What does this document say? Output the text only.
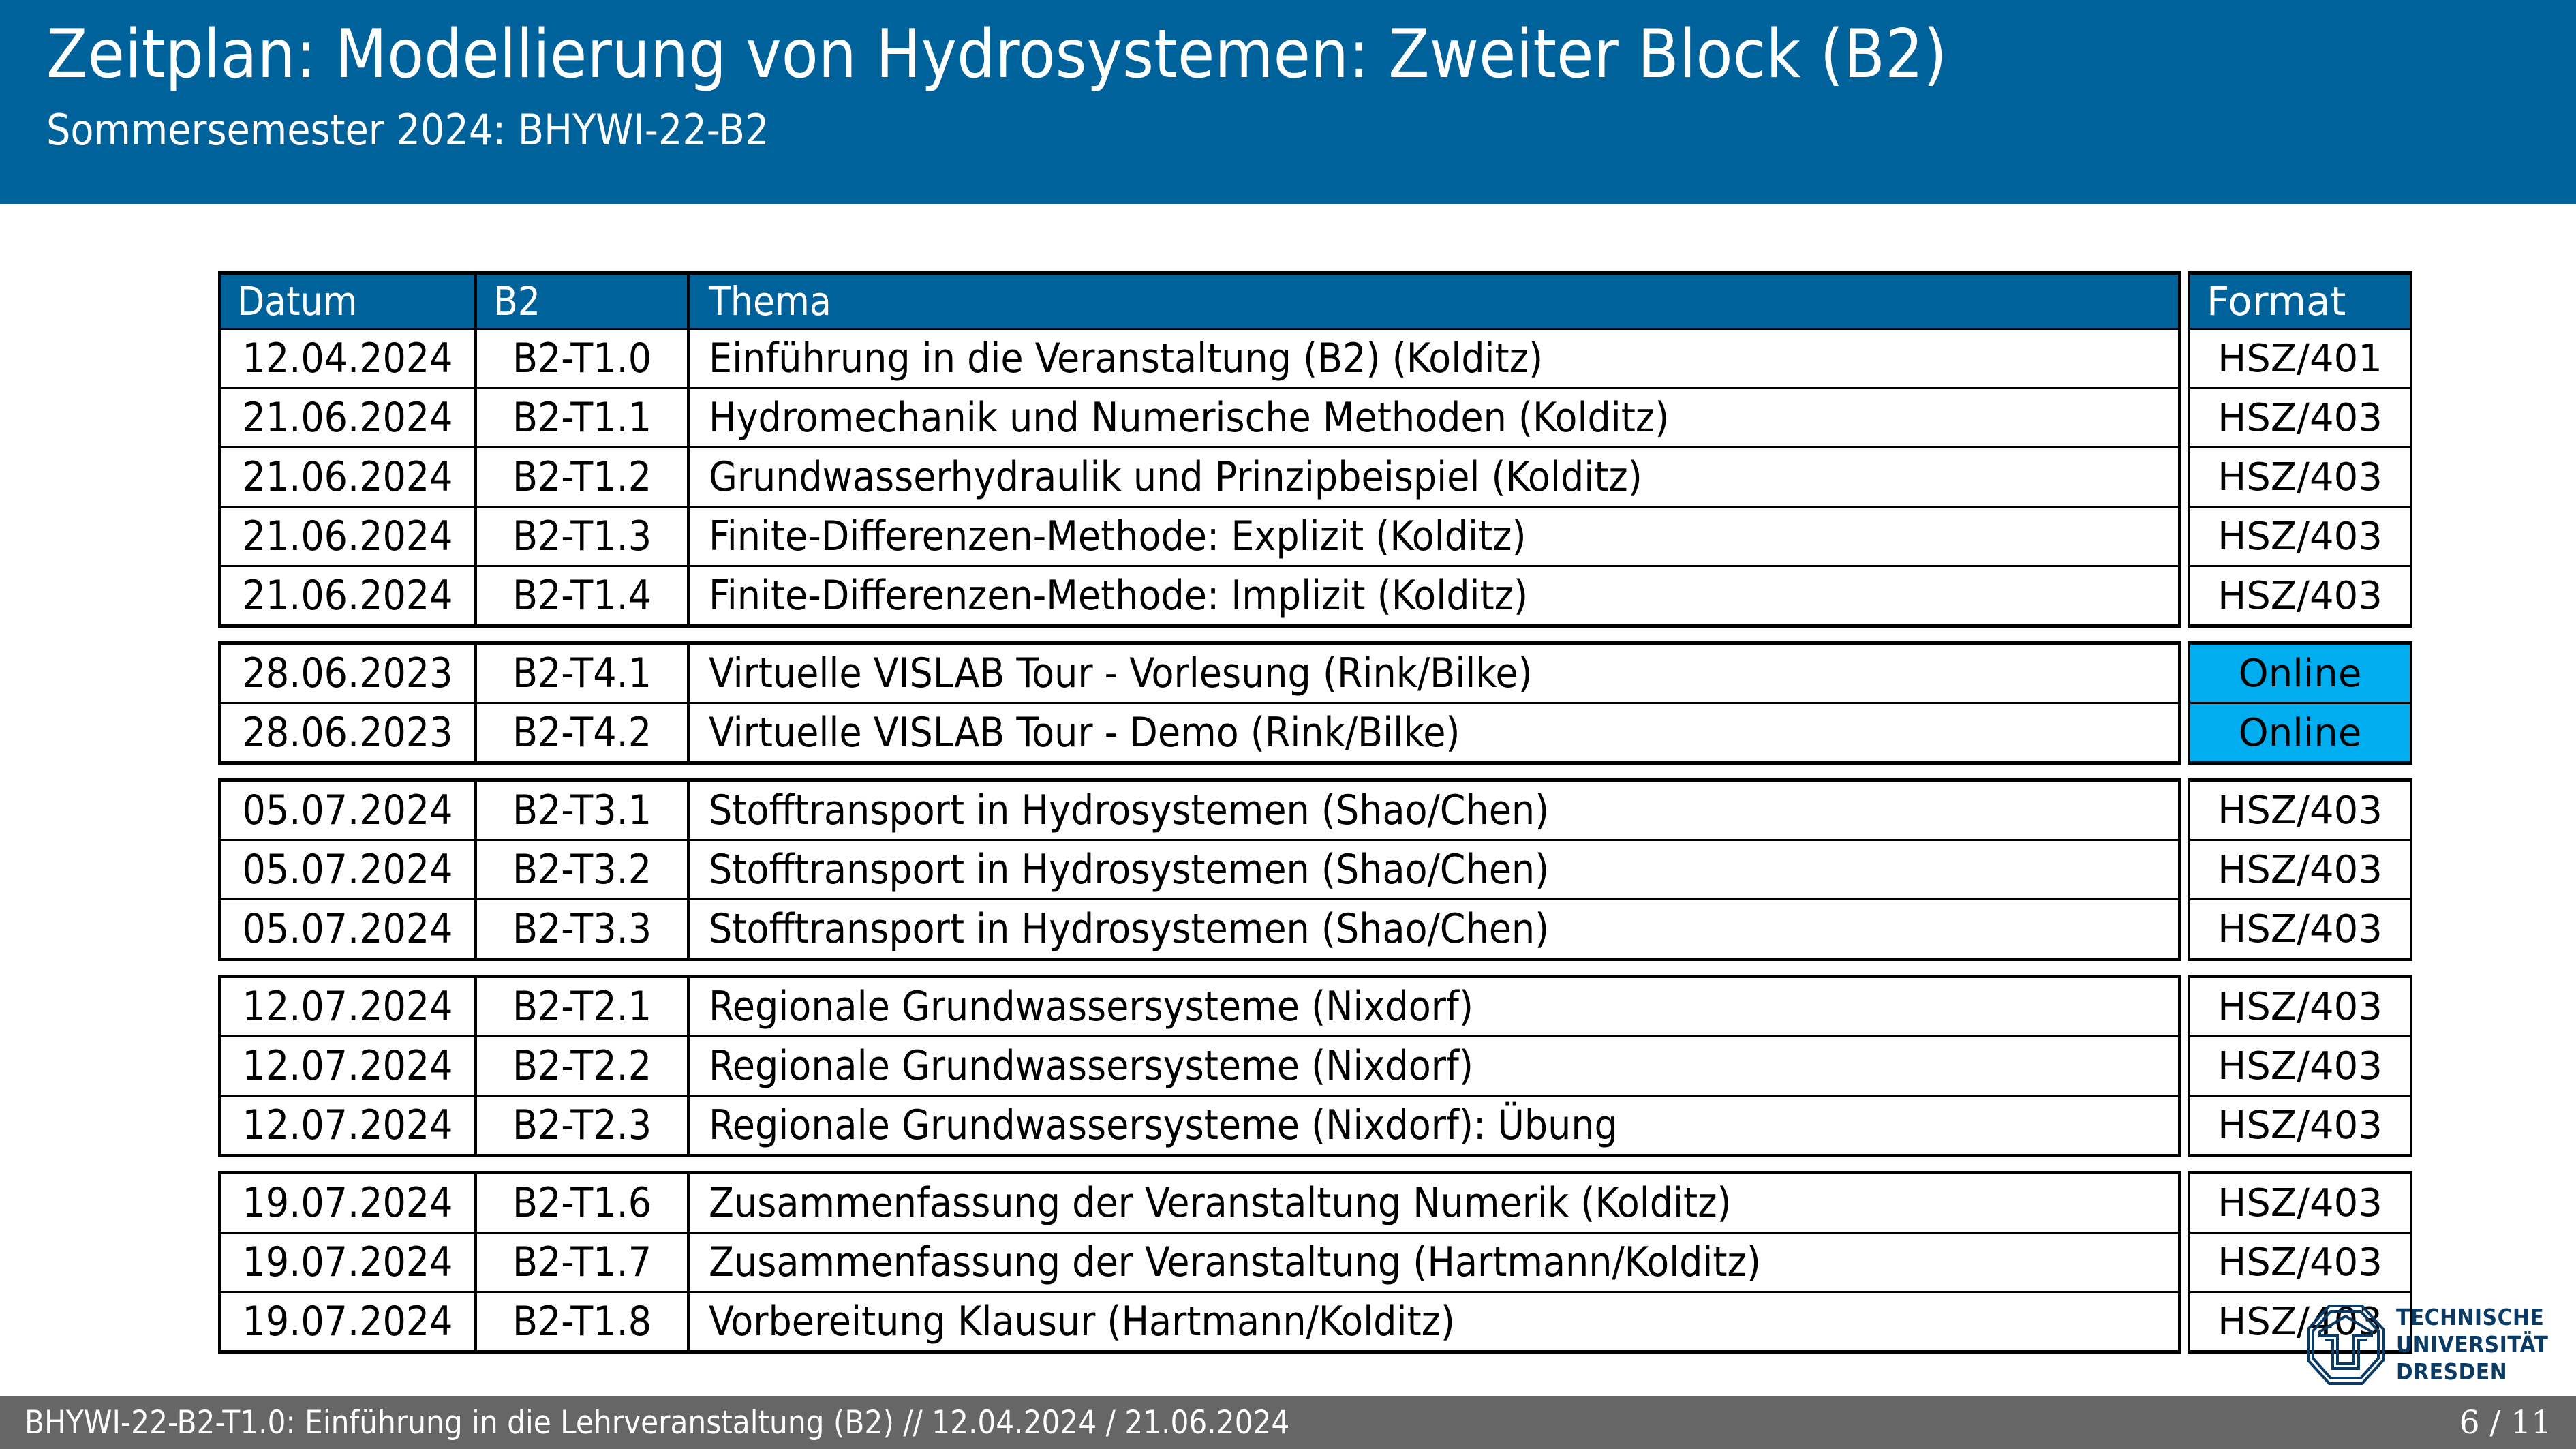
Zeitplan: Modellierung von Hydrosystemen: Zweiter Block (B2)
Sommersemester 2024: BHYWI-22-B2
Datum	B2	Thema	Format
12.04.2024	B2-T1.0	Einführung in die Veranstaltung (B2) (Kolditz)	HSZ/401
21.06.2024	B2-T1.1	Hydromechanik und Numerische Methoden (Kolditz)	HSZ/403
21.06.2024	B2-T1.2	Grundwasserhydraulik und Prinzipbeispiel (Kolditz)	HSZ/403
21.06.2024	B2-T1.3	Finite-Differenzen-Methode: Explizit (Kolditz)	HSZ/403
21.06.2024	B2-T1.4	Finite-Differenzen-Methode: Implizit (Kolditz)	HSZ/403
28.06.2023	B2-T4.1	Virtuelle VISLAB Tour - Vorlesung (Rink/Bilke)	Online
28.06.2023	B2-T4.2	Virtuelle VISLAB Tour - Demo (Rink/Bilke)	Online
05.07.2024	B2-T3.1	Stofftransport in Hydrosystemen (Shao/Chen)	HSZ/403
05.07.2024	B2-T3.2	Stofftransport in Hydrosystemen (Shao/Chen)	HSZ/403
05.07.2024	B2-T3.3	Stofftransport in Hydrosystemen (Shao/Chen)	HSZ/403
12.07.2024	B2-T2.1	Regionale Grundwassersysteme (Nixdorf)	HSZ/403
12.07.2024	B2-T2.2	Regionale Grundwassersysteme (Nixdorf)	HSZ/403
12.07.2024	B2-T2.3	Regionale Grundwassersysteme (Nixdorf): Übung	HSZ/403
19.07.2024	B2-T1.6	Zusammenfassung der Veranstaltung Numerik (Kolditz)	HSZ/403
19.07.2024	B2-T1.7	Zusammenfassung der Veranstaltung (Hartmann/Kolditz)	HSZ/403
19.07.2024	B2-T1.8	Vorbereitung Klausur (Hartmann/Kolditz)	HSZ/403 TECHNISCHE
UNIVERSITÄT
DRESDEN
BHYWI-22-B2-T1.0: Einführung in die Lehrveranstaltung (B2) // 12.04.2024 / 21.06.2024	6 / 11
